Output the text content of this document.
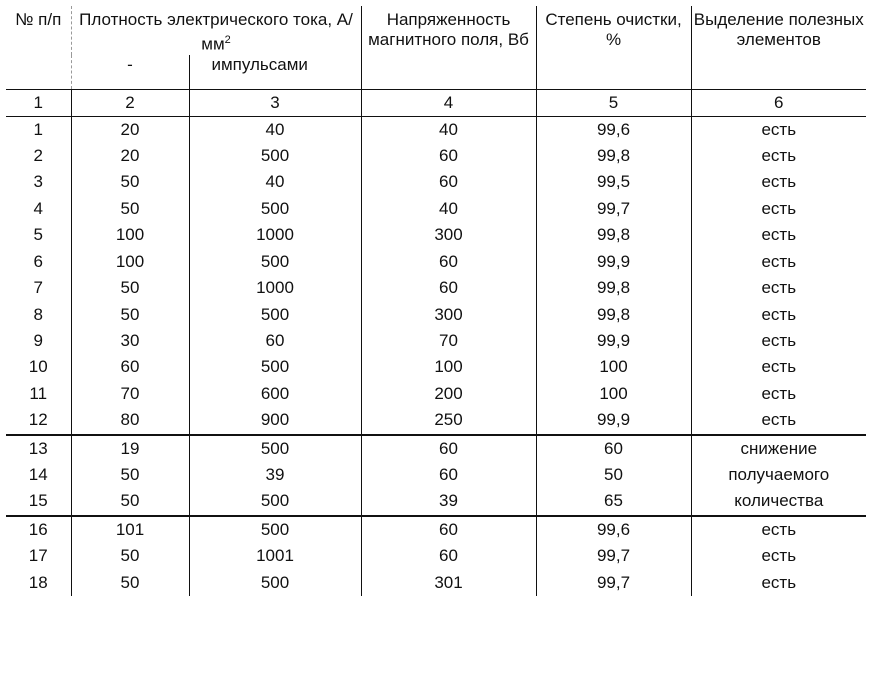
№ п/п	Плотность электрического тока, $А/мм^2$		Напряженность магнитного поля, Вб	Степень очистки, %	Выделение полезных элементов
	-	импульсами			
1	2	3	4	5	6
1	20	40	40	99,6	есть
2	20	500	60	99,8	есть
3	50	40	60	99,5	есть
4	50	500	40	99,7	есть
5	100	1000	300	99,8	есть
6	100	500	60	99,9	есть
7	50	1000	60	99,8	есть
8	50	500	300	99,8	есть
9	30	60	70	99,9	есть
10	60	500	100	100	есть
11	70	600	200	100	есть
12	80	900	250	99,9	есть
13	19	500	60	60	снижение
14	50	39	60	50	получаемого
15	50	500	39	65	количества
16	101	500	60	99,6	есть
17	50	1001	60	99,7	есть
18	50	500	301	99,7	есть
